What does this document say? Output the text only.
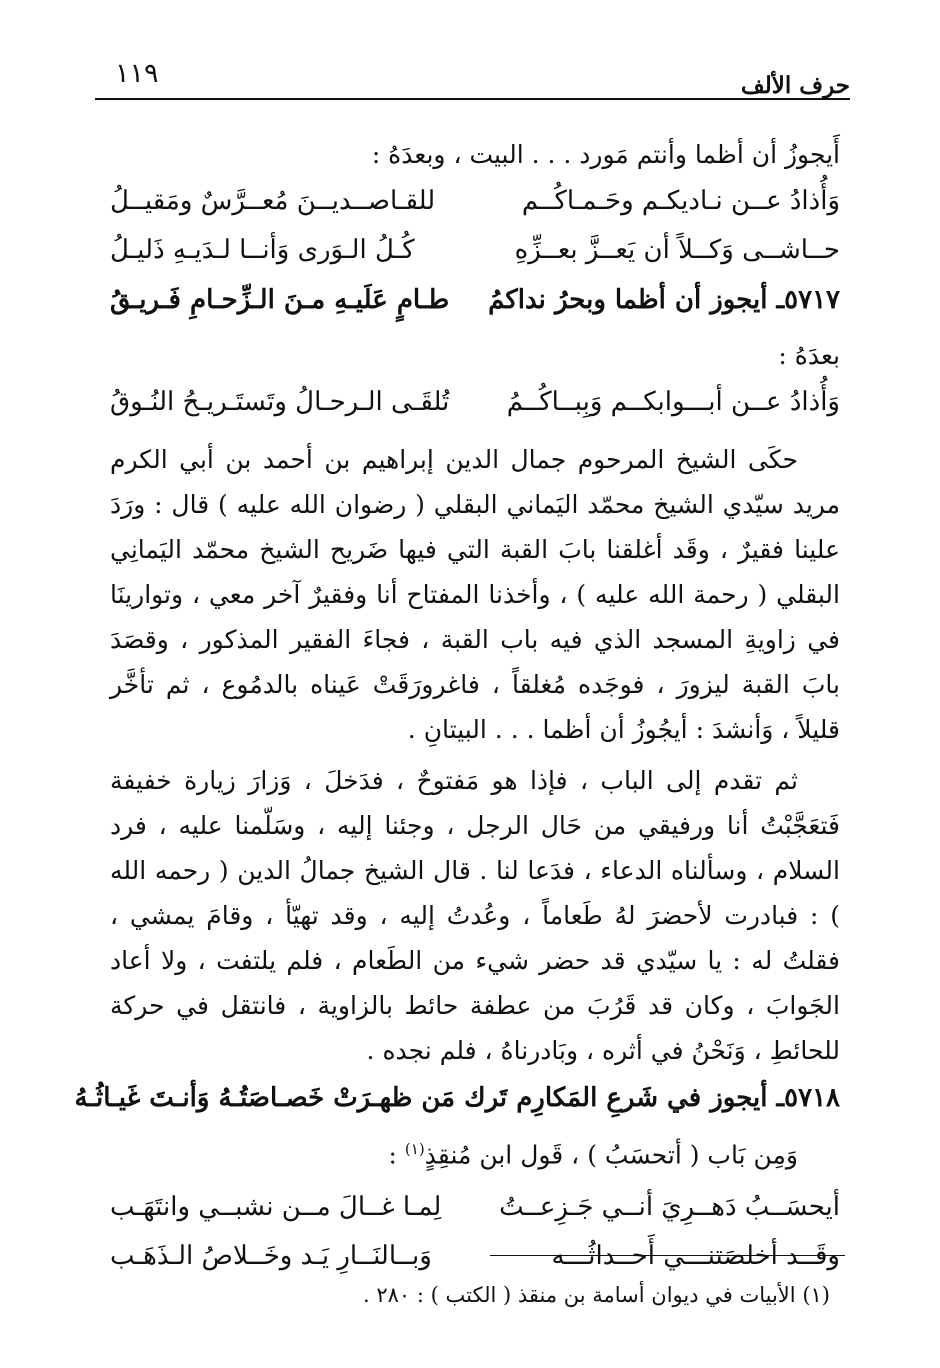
١١٩	حرف الألف

أَيجوزُ أن أظما وأنتم مَورد . . . البيت ، وبعدَهُ :

وَأُذادُ عــن نـاديكـم وحَـمـاكُــم
للقـاصــديــنَ مُعــرَّسٌ ومَقيــلُ
حــاشــى وَكــلاً أن يَعــزَّ بعــزِّهِ
كُـلُ الـوَرى وَأنــا لـدَيـهِ ذَليـلُ
٥٧١٧ـ أيجوز أن أظما وبحرُ نداكمُ
طـامٍ عَلَيـهِ مـنَ الـزِّحـامِ فَـريـقُ

بعدَهُ :

وَأُذادُ عــن أبـــوابكــم وَبِبــاكُــمُ
تُلقَـى الـرحـالُ وتَستَـريـحُ النُـوقُ

حكَى الشيخ المرحوم جمال الدين إبراهيم بن أحمد بن أبي الكرم مريد سيّدي الشيخ محمّد اليَماني البقلي ( رضوان الله عليه ) قال : ورَدَ علينا فقيرٌ ، وقَد أغلقنا بابَ القبة التي فيها ضَريح الشيخ محمّد اليَمانِي البقلي ( رحمة الله عليه ) ، وأخذنا المفتاح أنا وفقيرٌ آخر معي ، وتوارينَا في زاويةِ المسجد الذي فيه باب القبة ، فجاءَ الفقير المذكور ، وقصَدَ بابَ القبة ليزورَ ، فوجَده مُغلقاً ، فاغرورَقَتْ عَيناه بالدمُوع ، ثم تأخَّر قليلاً ، وَأنشدَ : أيجُوزُ أن أظما . . . البيتانِ .

ثم تقدم إلى الباب ، فإذا هو مَفتوحٌ ، فدَخلَ ، وَزارَ زيارة خفيفة فَتعَجَّبْتُ أنا ورفيقي من حَال الرجل ، وجئنا إليه ، وسَلّمنا عليه ، فرد السلام ، وسألناه الدعاء ، فدَعا لنا . قال الشيخ جمالُ الدين ( رحمه الله ) : فبادرت لأحضرَ لهُ طَعاماً ، وعُدتُ إليه ، وقد تهيّأ ، وقامَ يمشي ، فقلتُ له : يا سيّدي قد حضر شيء من الطَعام ، فلم يلتفت ، ولا أعاد الجَوابَ ، وكان قد قَرُبَ من عطفة حائط بالزاوية ، فانتقل في حركة للحائطِ ، وَنَحْنُ في أثره ، وبَادرناهُ ، فلم نجده .

٥٧١٨ـ أيجوز في شَرعِ المَكارِم تَرك مَن ظهـرَتْ خَصـاصَتُـهُ وَأنـتَ غَيـاثُـهُ

وَمِن بَاب ( أتحسَبُ ) ، قَول ابن مُنقِذٍ$^{(١)}$ :

أيحسَــبُ دَهــرِيَ أنــي جَـزِعــتُ
لِمـا غــالَ مــن نشبــي وانتَهَـب
وقَــد أخلصَتنـــي أَحــداثُـــه
وَبــالنَــارِ يَـد وخَــلاصُ الـذَهَـب
(١) الأبيات في ديوان أسامة بن منقذ ( الكتب ) : ٢٨٠ .
